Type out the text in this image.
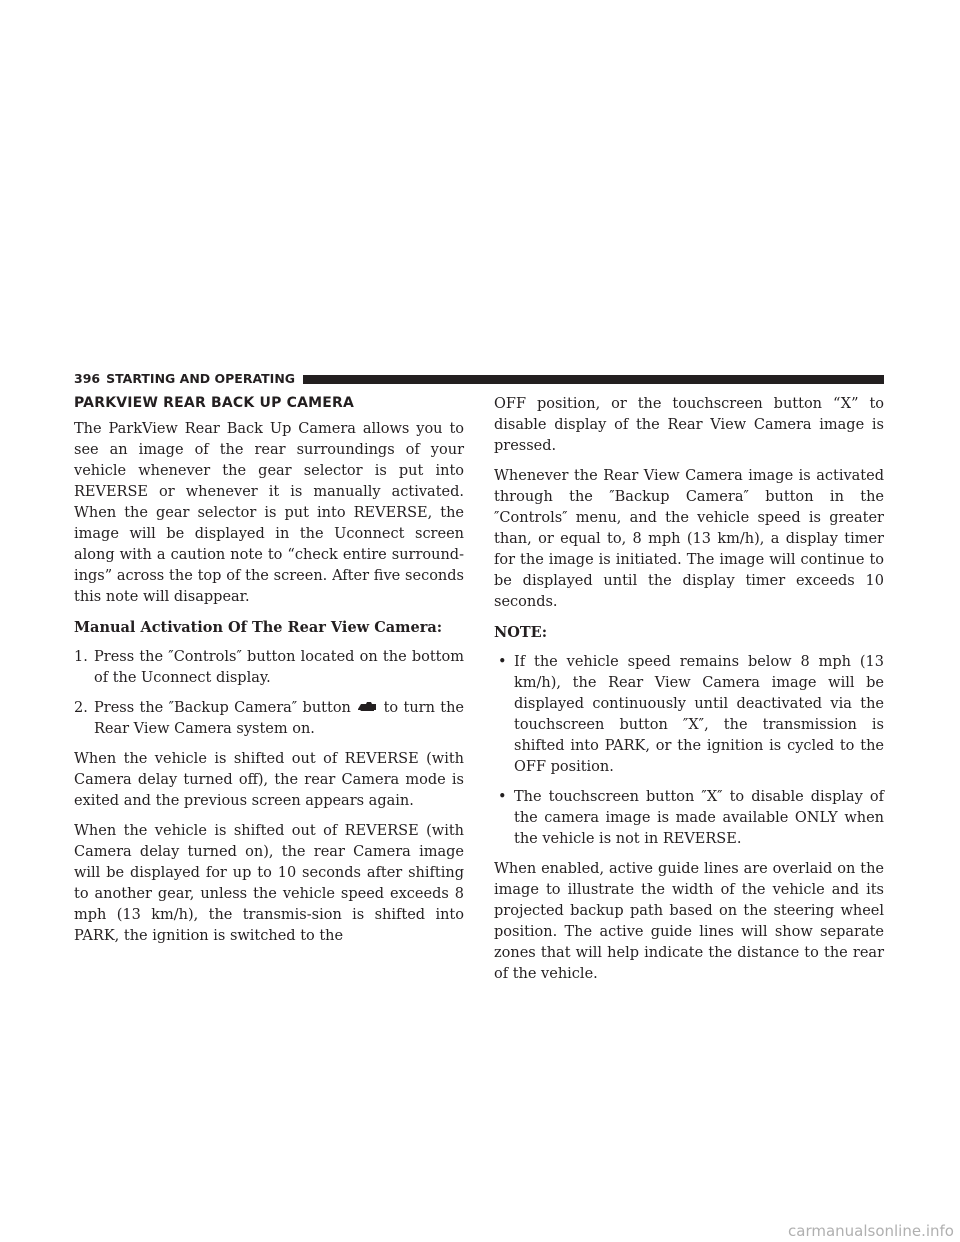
396 STARTING AND OPERATING
PARKVIEW REAR BACK UP CAMERA

The ParkView Rear Back Up Camera allows you to see an image of the rear surroundings of your vehicle whenever the gear selector is put into REVERSE or whenever it is manually activated. When the gear selector is put into REVERSE, the image will be displayed in the Uconnect screen along with a caution note to “check entire surround-ings” across the top of the screen. After five seconds this note will disappear.

Manual Activation Of The Rear View Camera:

1. Press the ″Controls″ button located on the bottom of the Uconnect display.
2. Press the ″Backup Camera″ button to turn the Rear View Camera system on.

When the vehicle is shifted out of REVERSE (with Camera delay turned off), the rear Camera mode is exited and the previous screen appears again.

When the vehicle is shifted out of REVERSE (with Camera delay turned on), the rear Camera image will be displayed for up to 10 seconds after shifting to another gear, unless the vehicle speed exceeds 8 mph (13 km/h), the transmis-sion is shifted into PARK, the ignition is switched to the

OFF position, or the touchscreen button “X” to disable display of the Rear View Camera image is pressed.

Whenever the Rear View Camera image is activated through the ″Backup Camera″ button in the ″Controls″ menu, and the vehicle speed is greater than, or equal to, 8 mph (13 km/h), a display timer for the image is initiated. The image will continue to be displayed until the display timer exceeds 10 seconds.

NOTE:

• If the vehicle speed remains below 8 mph (13 km/h), the Rear View Camera image will be displayed continuously until deactivated via the touchscreen button ″X″, the transmission is shifted into PARK, or the ignition is cycled to the OFF position.
• The touchscreen button ″X″ to disable display of the camera image is made available ONLY when the vehicle is not in REVERSE.

When enabled, active guide lines are overlaid on the image to illustrate the width of the vehicle and its projected backup path based on the steering wheel position. The active guide lines will show separate zones that will help indicate the distance to the rear of the vehicle.

carmanualsonline.info
